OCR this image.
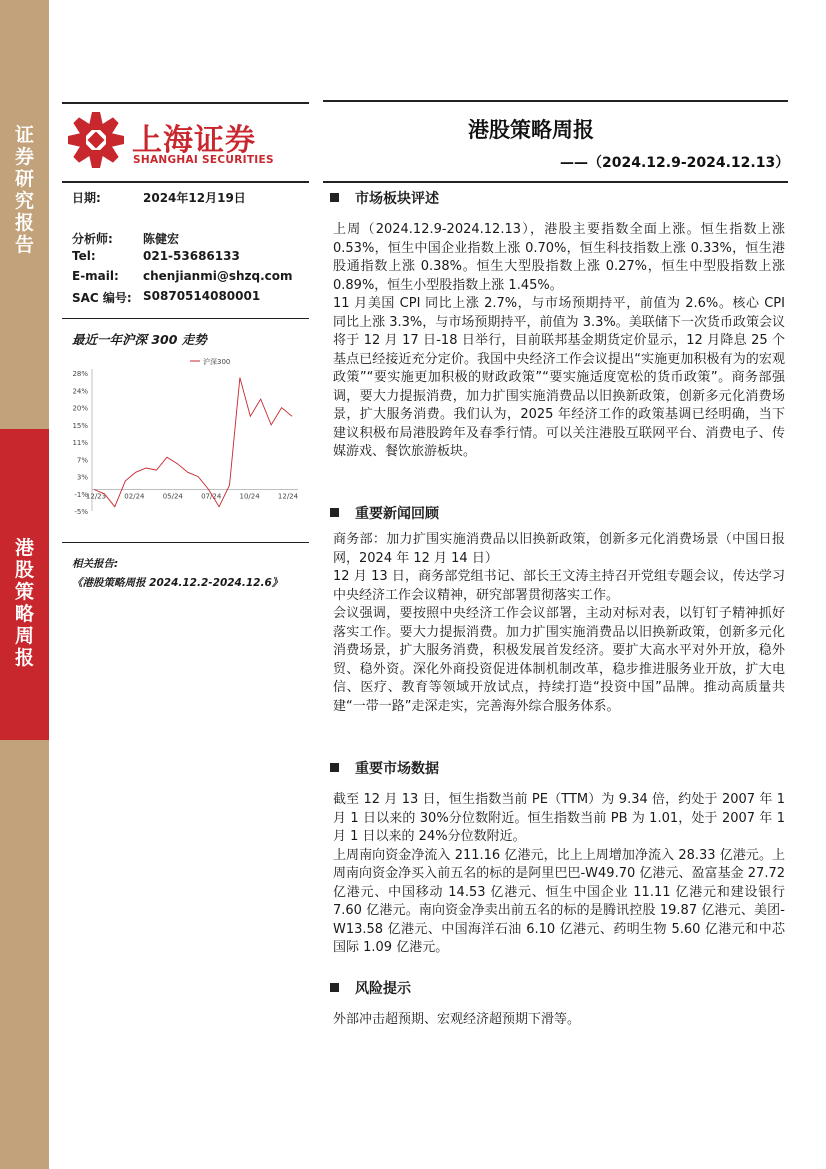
证
券
研
究
报
告
港
股
策
略
周
报
上海证券
SHANGHAI SECURITIES
港股策略周报
——（2024.12.9-2024.12.13）
日期:	2024年12月19日
分析师:	陈健宏
Tel:	021-53686133
E-mail: chenjianmi@shzq.com
SAC 编号: S0870514080001
最近一年沪深 300 走势
28%
24%
20%
15%
11%
7%
3%
-1%
-5%
12/23	02/24	05/24	07/24	10/24	12/24
沪深300
相关报告:
《港股策略周报 2024.12.2-2024.12.6》
市场板块评述

上周（2024.12.9-2024.12.13），港股主要指数全面上涨。恒生指数上涨 0.53%，恒生中国企业指数上涨 0.70%，恒生科技指数上涨 0.33%，恒生港股通指数上涨 0.38%。恒生大型股指数上涨 0.27%，恒生中型股指数上涨 0.89%，恒生小型股指数上涨 1.45%。

11 月美国 CPI 同比上涨 2.7%，与市场预期持平，前值为 2.6%。核心 CPI 同比上涨 3.3%，与市场预期持平，前值为 3.3%。美联储下一次货币政策会议将于 12 月 17 日-18 日举行，目前联邦基金期货定价显示，12 月降息 25 个基点已经接近充分定价。我国中央经济工作会议提出“实施更加积极有为的宏观政策”“要实施更加积极的财政政策”“要实施适度宽松的货币政策”。商务部强调，要大力提振消费，加力扩围实施消费品以旧换新政策，创新多元化消费场景，扩大服务消费。我们认为，2025 年经济工作的政策基调已经明确，当下建议积极布局港股跨年及春季行情。可以关注港股互联网平台、消费电子、传媒游戏、餐饮旅游板块。

重要新闻回顾

商务部：加力扩围实施消费品以旧换新政策，创新多元化消费场景（中国日报网，2024 年 12 月 14 日）

12 月 13 日，商务部党组书记、部长王文涛主持召开党组专题会议，传达学习中央经济工作会议精神，研究部署贯彻落实工作。

会议强调，要按照中央经济工作会议部署，主动对标对表，以钉钉子精神抓好落实工作。要大力提振消费。加力扩围实施消费品以旧换新政策，创新多元化消费场景，扩大服务消费，积极发展首发经济。要扩大高水平对外开放，稳外贸、稳外资。深化外商投资促进体制机制改革，稳步推进服务业开放，扩大电信、医疗、教育等领域开放试点，持续打造“投资中国”品牌。推动高质量共建“一带一路”走深走实，完善海外综合服务体系。

重要市场数据

截至 12 月 13 日，恒生指数当前 PE（TTM）为 9.34 倍，约处于 2007 年 1 月 1 日以来的 30%分位数附近。恒生指数当前 PB 为 1.01，处于 2007 年 1 月 1 日以来的 24%分位数附近。

上周南向资金净流入 211.16 亿港元，比上上周增加净流入 28.33 亿港元。上周南向资金净买入前五名的标的是阿里巴巴-W49.70 亿港元、盈富基金 27.72 亿港元、中国移动 14.53 亿港元、恒生中国企业 11.11 亿港元和建设银行 7.60 亿港元。南向资金净卖出前五名的标的是腾讯控股 19.87 亿港元、美团-W13.58 亿港元、中国海洋石油 6.10 亿港元、药明生物 5.60 亿港元和中芯国际 1.09 亿港元。

风险提示

外部冲击超预期、宏观经济超预期下滑等。
